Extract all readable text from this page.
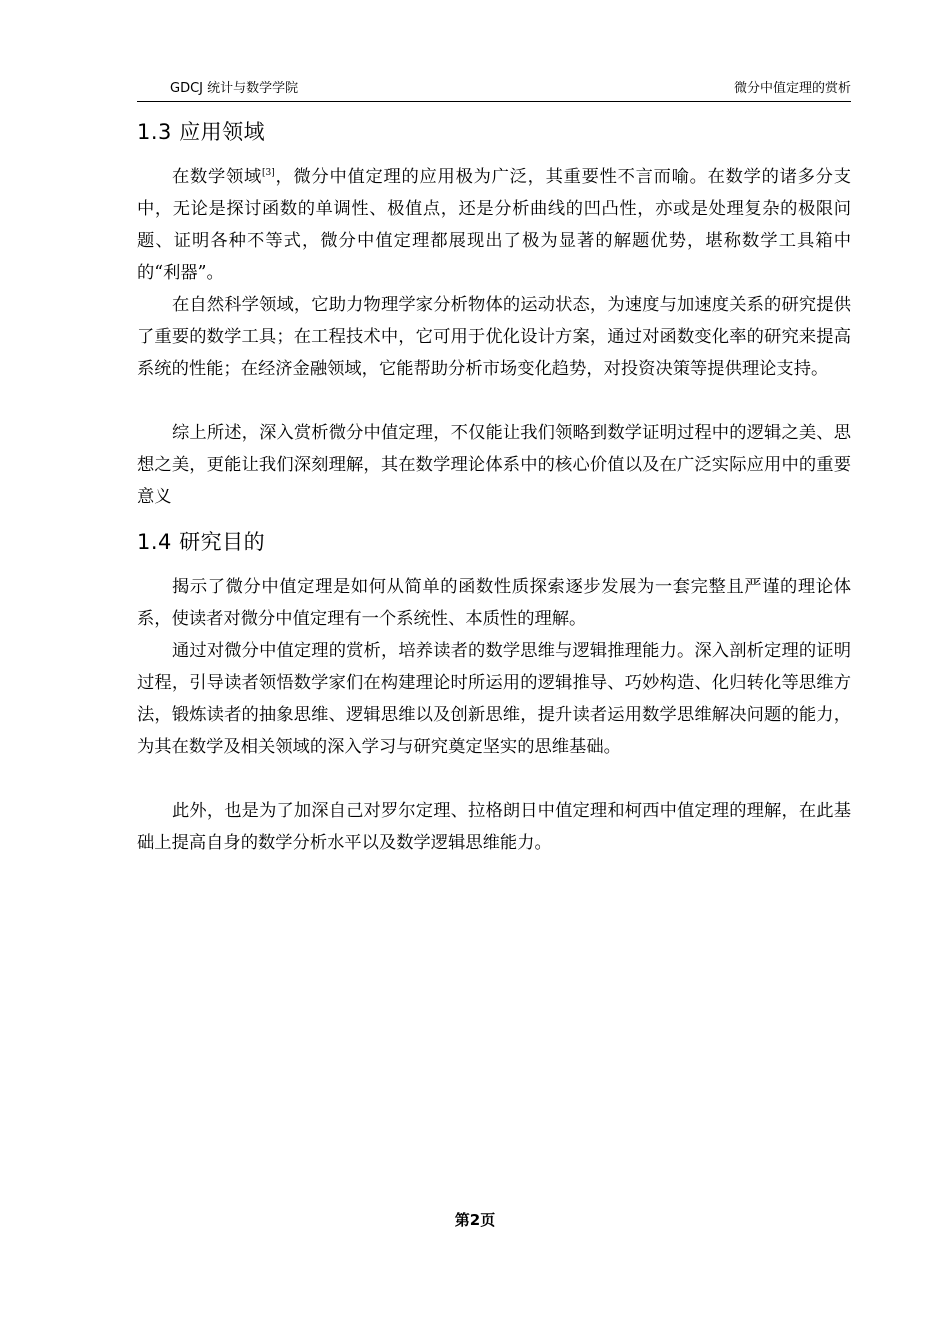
GDCJ 统计与数学学院	微分中值定理的赏析
1.3 应用领域

在数学领域[3]，微分中值定理的应用极为广泛，其重要性不言而喻。在数学的诸多分支中，无论是探讨函数的单调性、极值点，还是分析曲线的凹凸性，亦或是处理复杂的极限问题、证明各种不等式，微分中值定理都展现出了极为显著的解题优势，堪称数学工具箱中的“利器”。

在自然科学领域，它助力物理学家分析物体的运动状态，为速度与加速度关系的研究提供了重要的数学工具；在工程技术中，它可用于优化设计方案，通过对函数变化率的研究来提高系统的性能；在经济金融领域，它能帮助分析市场变化趋势，对投资决策等提供理论支持。

综上所述，深入赏析微分中值定理，不仅能让我们领略到数学证明过程中的逻辑之美、思想之美，更能让我们深刻理解，其在数学理论体系中的核心价值以及在广泛实际应用中的重要意义

1.4 研究目的

揭示了微分中值定理是如何从简单的函数性质探索逐步发展为一套完整且严谨的理论体系，使读者对微分中值定理有一个系统性、本质性的理解。

通过对微分中值定理的赏析，培养读者的数学思维与逻辑推理能力。深入剖析定理的证明过程，引导读者领悟数学家们在构建理论时所运用的逻辑推导、巧妙构造、化归转化等思维方法，锻炼读者的抽象思维、逻辑思维以及创新思维，提升读者运用数学思维解决问题的能力，为其在数学及相关领域的深入学习与研究奠定坚实的思维基础。

此外，也是为了加深自己对罗尔定理、拉格朗日中值定理和柯西中值定理的理解，在此基础上提高自身的数学分析水平以及数学逻辑思维能力。

第2页
